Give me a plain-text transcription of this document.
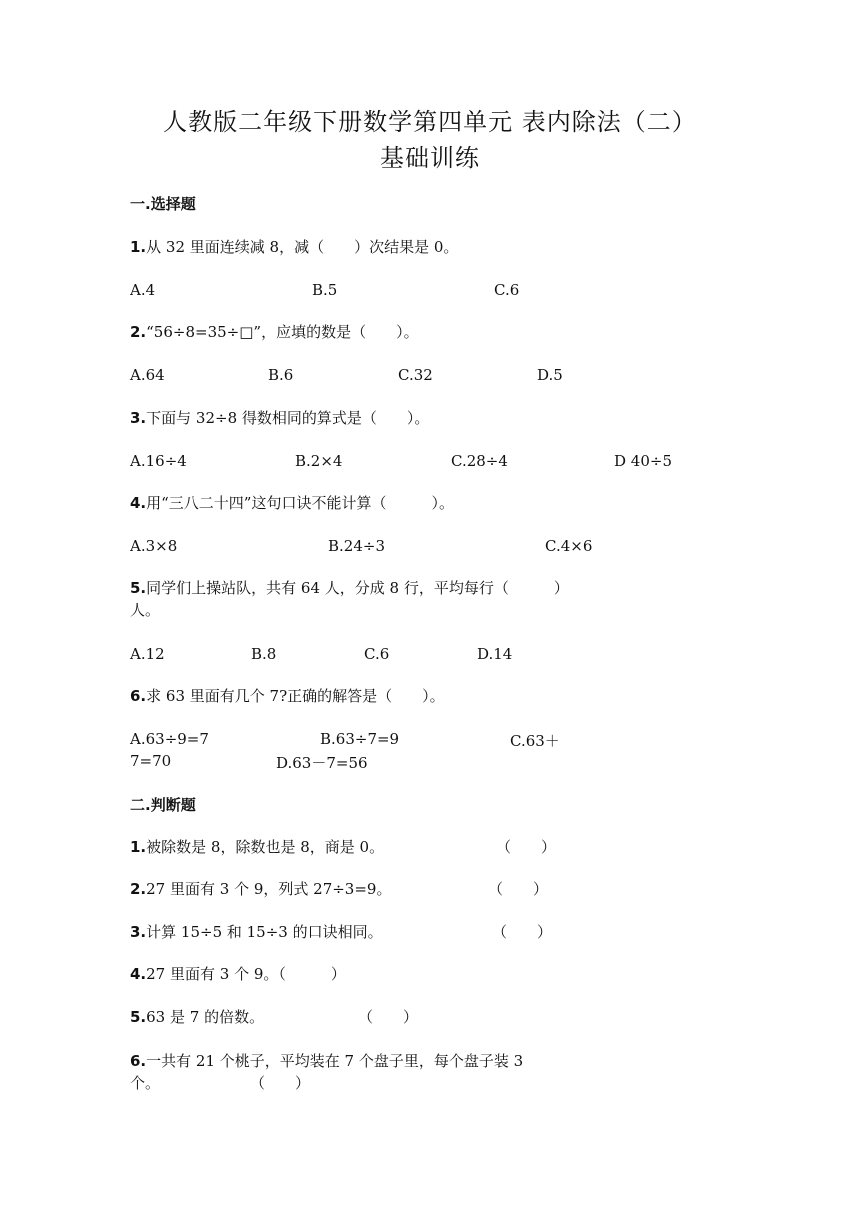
人教版二年级下册数学第四单元 表内除法（二）
基础训练
一.选择题
1.从 32 里面连续减 8，减（　　）次结果是 0。
A.4	B.5	C.6
2.“56÷8=35÷□”，应填的数是（　　）。
A.64	B.6	C.32	D.5
3.下面与 32÷8 得数相同的算式是（　　）。
A.16÷4	B.2×4	C.28÷4	D 40÷5
4.用“三八二十四”这句口诀不能计算（　　　）。
A.3×8	B.24÷3	C.4×6
5.同学们上操站队，共有 64 人，分成 8 行，平均每行（　　　）
人。
A.12	B.8	C.6	D.14
6.求 63 里面有几个 7?正确的解答是（　　）。
A.63÷9=7	B.63÷7=9	C.63＋
7=70	D.63－7=56
二.判断题
1.被除数是 8，除数也是 8，商是 0。	（　　）
2.27 里面有 3 个 9，列式 27÷3=9。	（　　）
3.计算 15÷5 和 15÷3 的口诀相同。	（　　）
4.27 里面有 3 个 9。（　　　）
5.63 是 7 的倍数。	（　　）
6.一共有 21 个桃子，平均装在 7 个盘子里，每个盘子装 3
个。	（　　）
